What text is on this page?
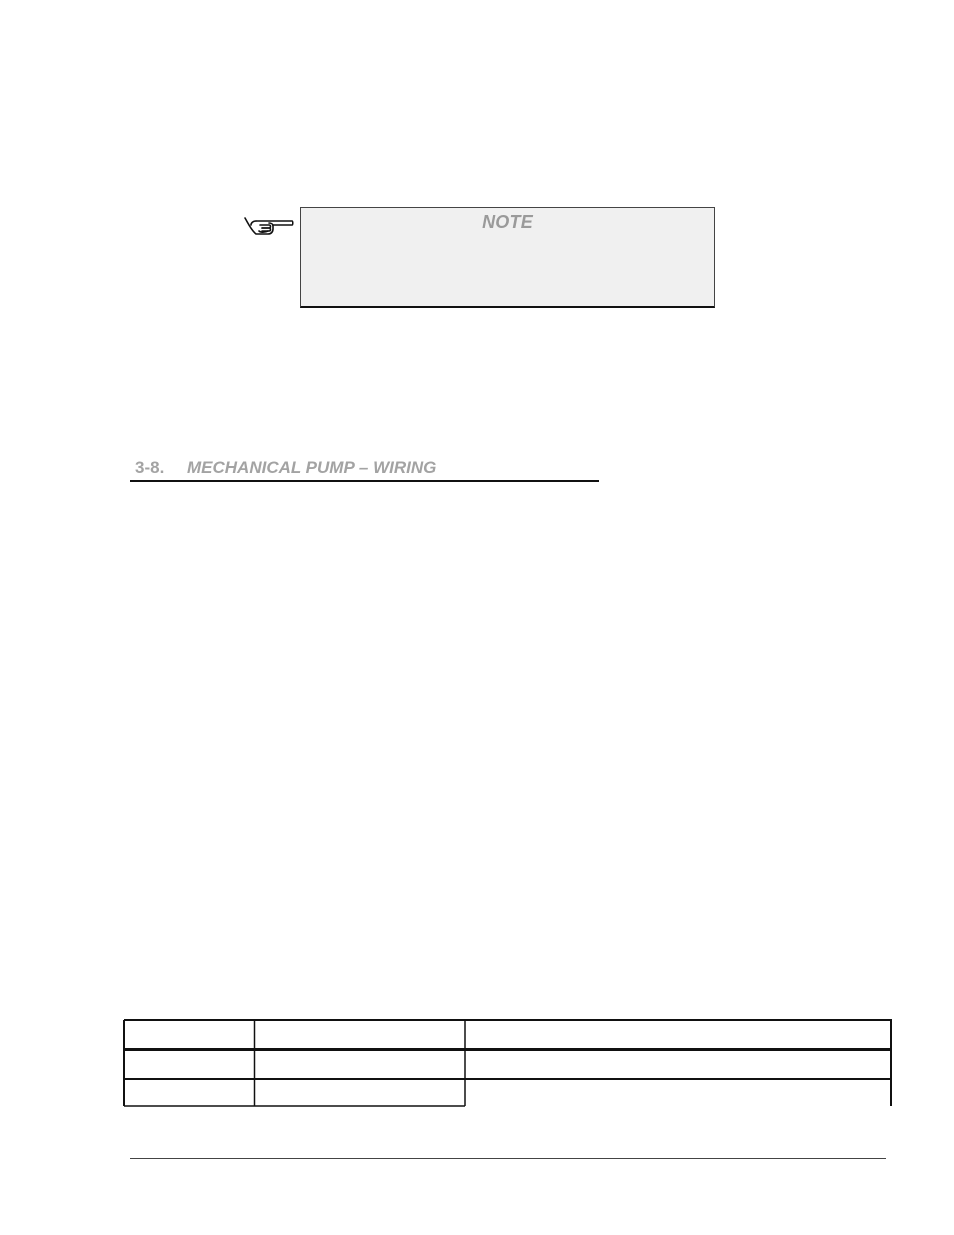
NOTE
3-8. MECHANICAL PUMP – WIRING
